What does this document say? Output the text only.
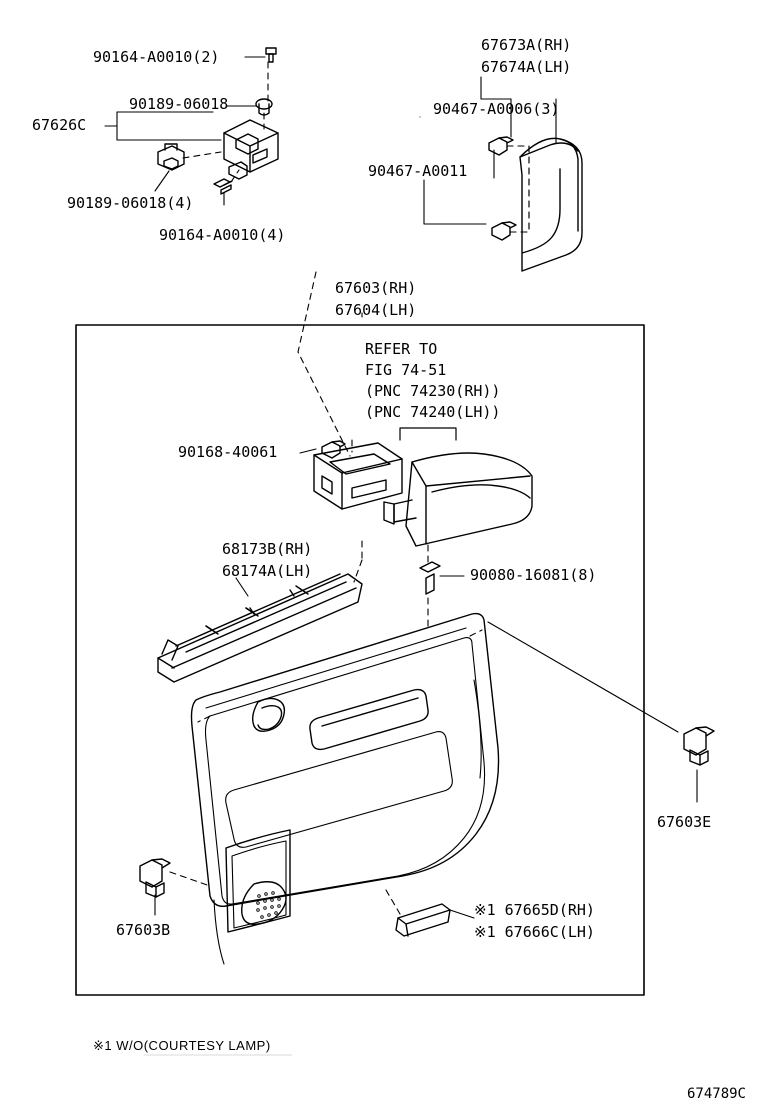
90164-A0010(2)
90189-06018
67626C
90189-06018(4)
90164-A0010(4)
67673A(RH)
67674A(LH)
90467-A0006(3)
90467-A0011
67603(RH)
67604(LH)
REFER TO
FIG 74-51
(PNC 74230(RH))
(PNC 74240(LH))
90168-40061
68173B(RH)
68174A(LH)	90080-16081(8)
67603E
67603B
※1 67665D(RH)
※1 67666C(LH)
※1 W/O(COURTESY LAMP)
674789C
